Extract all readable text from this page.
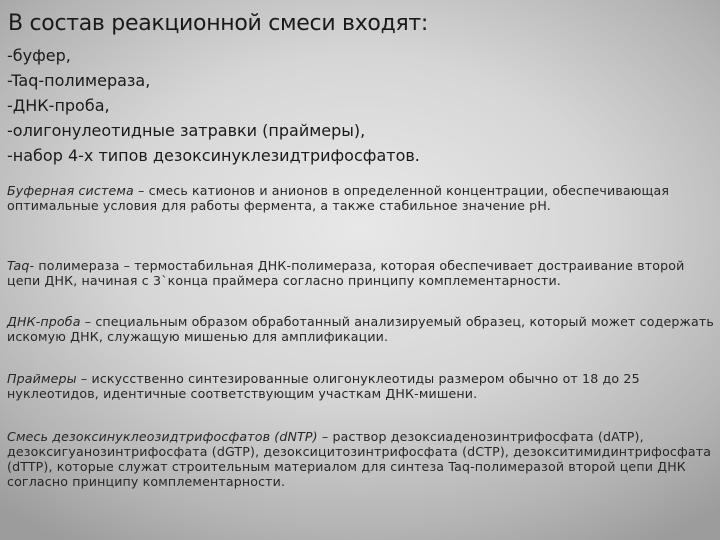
В состав реакционной смеси входят:
-буфер,
-Taq-полимераза,
-ДНК-проба,
-олигонулеотидные затравки (праймеры),
-набор 4-х типов дезоксинуклезидтрифосфатов.

Буферная система – смесь катионов и анионов в определенной концентрации, обеспечивающая оптимальные условия для работы фермента, а также стабильное значение pH.

Taq- полимераза – термостабильная ДНК-полимераза, которая обеспечивает достраивание второй цепи ДНК, начиная с 3`конца праймера согласно принципу комплементарности.

ДНК-проба – специальным образом обработанный анализируемый образец, который может содержать искомую ДНК, служащую мишенью для амплификации.

Праймеры – искусственно синтезированные олигонуклеотиды размером обычно от 18 до 25 нуклеотидов, идентичные соответствующим участкам ДНК-мишени.

Смесь дезоксинуклеозидтрифосфатов (dNTP) – раствор дезоксиаденозинтрифосфата (dATP), дезоксигуанозинтрифосфата (dGTP), дезоксицитозинтрифосфата (dCTP), дезокситимидинтрифосфата (dTTP), которые служат строительным материалом для синтеза Taq-полимеразой второй цепи ДНК согласно принципу комплементарности.
